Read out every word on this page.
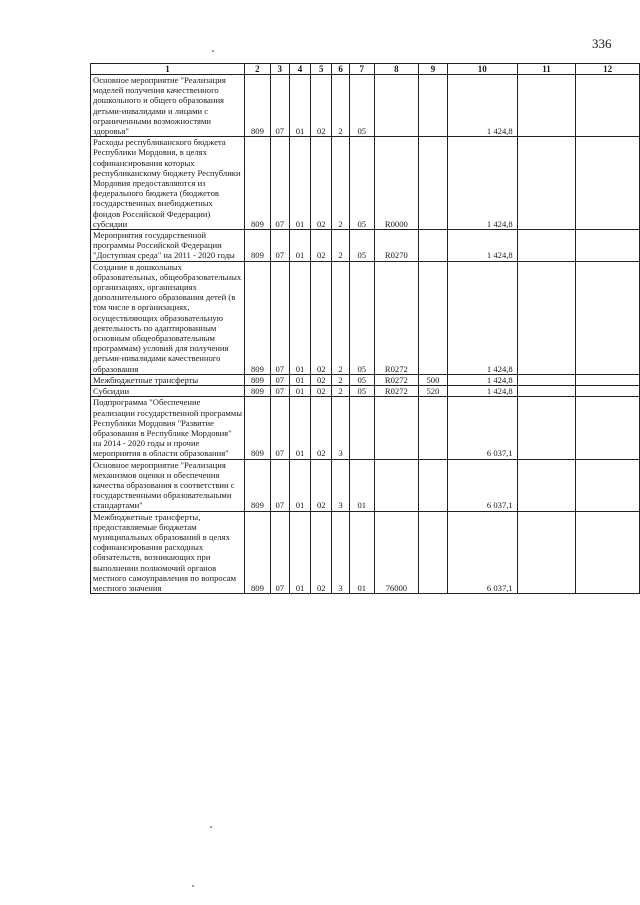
336
1	2	3	4	5	6	7	8	9	10	11	12
Основное мероприятие "Реализация моделей получения качественного дошкольного и общего образования детьми-инвалидами и лицами с ограниченными возможностями здоровья"	809	07	01	02	2	05			1 424,8		
Расходы республиканского бюджета Республики Мордовия, в целях софинансирования которых республиканскому бюджету Республики Мордовия предоставляются из федерального бюджета (бюджетов государственных внебюджетных фондов Российской Федерации) субсидии	809	07	01	02	2	05	R0000		1 424,8		
Мероприятия государственной программы Российской Федерации "Доступная среда" на 2011 - 2020 годы	809	07	01	02	2	05	R0270		1 424,8		
Создание в дошкольных образовательных, общеобразовательных организациях, организациях дополнительного образования детей (в том числе в организациях, осуществляющих образовательную деятельность по адаптированным основным общеобразовательным программам) условий для получения детьми-инвалидами качественного образования	809	07	01	02	2	05	R0272		1 424,8		
Межбюджетные трансферты	809	07	01	02	2	05	R0272	500	1 424,8		
Субсидии	809	07	01	02	2	05	R0272	520	1 424,8		
Подпрограмма "Обеспечение реализации государственной программы Республики Мордовия "Развитие образования в Республике Мордовия" на 2014 - 2020 годы и прочие мероприятия в области образования"	809	07	01	02	3				6 037,1		
Основное мероприятие "Реализация механизмов оценки и обеспечения качества образования в соответствии с государственными образовательными стандартами"	809	07	01	02	3	01			6 037,1		
Межбюджетные трансферты, предоставляемые бюджетам муниципальных образований в целях софинансирования расходных обязательств, возникающих при выполнении полномочий органов местного самоуправления по вопросам местного значения	809	07	01	02	3	01	76000		6 037,1		
